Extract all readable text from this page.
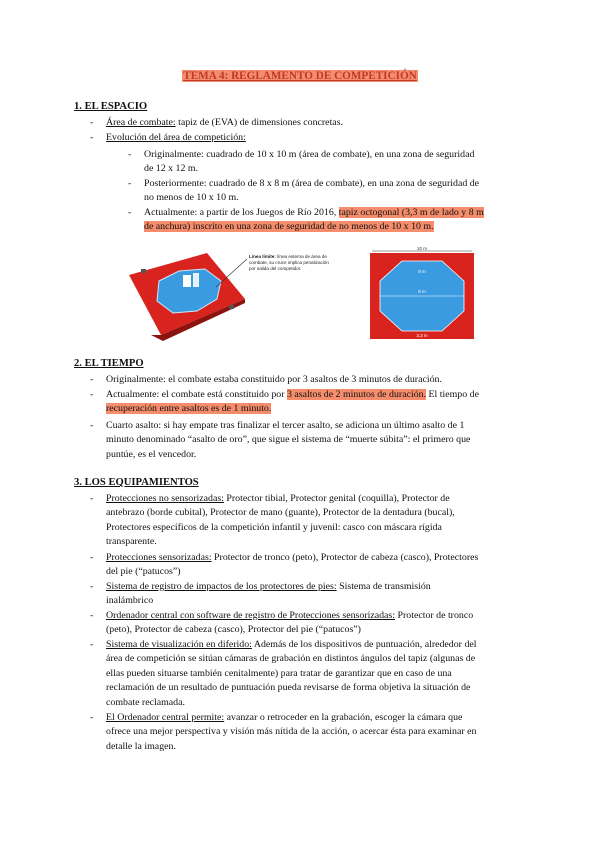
TEMA 4: REGLAMENTO DE COMPETICIÓN
1. EL ESPACIO
- Área de combate: tapiz de (EVA) de dimensiones concretas.
- Evolución del área de competición:
- Originalmente: cuadrado de 10 x 10 m (área de combate), en una zona de seguridad
de 12 x 12 m.
- Posteriormente: cuadrado de 8 x 8 m (área de combate), en una zona de seguridad de
no menos de 10 x 10 m.
- Actualmente: a partir de los Juegos de Río 2016, tapiz octogonal (3,3 m de lado y 8 m
de anchura) inscrito en una zona de seguridad de no menos de 10 x 10 m.
Línea límite: línea externa de área de
combate, su cruce implica penalización
por salida del competidor.
10 m
8 m
8 m
3,3 m
2. EL TIEMPO
- Originalmente: el combate estaba constituido por 3 asaltos de 3 minutos de duración.
- Actualmente: el combate está constituido por 3 asaltos de 2 minutos de duración. El tiempo de
recuperación entre asaltos es de 1 minuto.
- Cuarto asalto: si hay empate tras finalizar el tercer asalto, se adiciona un último asalto de 1
minuto denominado “asalto de oro”, que sigue el sistema de “muerte súbita”: el primero que
puntúe, es el vencedor.
3. LOS EQUIPAMIENTOS
- Protecciones no sensorizadas: Protector tibial, Protector genital (coquilla), Protector de
antebrazo (borde cubital), Protector de mano (guante), Protector de la dentadura (bucal),
Protectores específicos de la competición infantil y juvenil: casco con máscara rígida
transparente.
- Protecciones sensorizadas: Protector de tronco (peto), Protector de cabeza (casco), Protectores
del pie (“patucos”)
- Sistema de registro de impactos de los protectores de pies: Sistema de transmisión
inalámbrico
- Ordenador central con software de registro de Protecciones sensorizadas: Protector de tronco
(peto), Protector de cabeza (casco), Protector del pie (“patucos”)
- Sistema de visualización en diferido: Además de los dispositivos de puntuación, alrededor del
área de competición se sitúan cámaras de grabación en distintos ángulos del tapiz (algunas de
ellas pueden situarse también cenitalmente) para tratar de garantizar que en caso de una
reclamación de un resultado de puntuación pueda revisarse de forma objetiva la situación de
combate reclamada.
- El Ordenador central permite: avanzar o retroceder en la grabación, escoger la cámara que
ofrece una mejor perspectiva y visión más nítida de la acción, o acercar ésta para examinar en
detalle la imagen.
